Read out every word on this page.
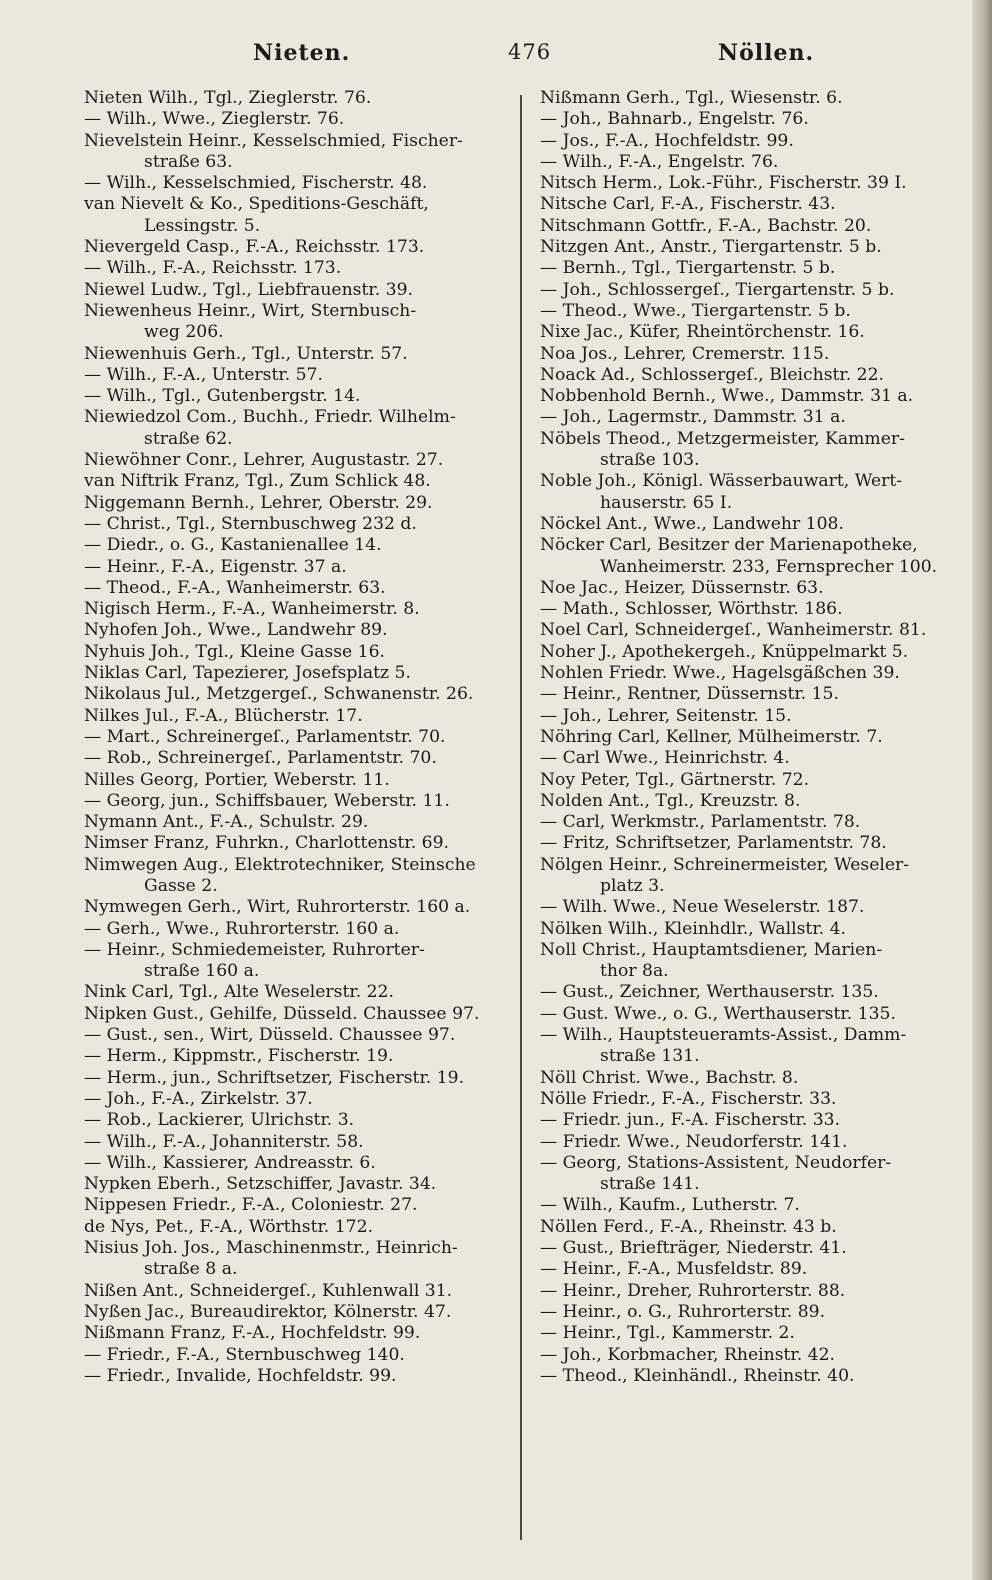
Nieten.	476	Nöllen.
Nieten Wilh., Tgl., Zieglerstr. 76.
— Wilh., Wwe., Zieglerstr. 76.
Nievelstein Heinr., Kesselschmied, Fischer-
straße 63.
— Wilh., Kesselschmied, Fischerstr. 48.
van Nievelt & Ko., Speditions-Geschäft,
Lessingstr. 5.
Nievergeld Casp., F.-A., Reichsstr. 173.
— Wilh., F.-A., Reichsstr. 173.
Niewel Ludw., Tgl., Liebfrauenstr. 39.
Niewenheus Heinr., Wirt, Sternbusch-
weg 206.
Niewenhuis Gerh., Tgl., Unterstr. 57.
— Wilh., F.-A., Unterstr. 57.
— Wilh., Tgl., Gutenbergstr. 14.
Niewiedzol Com., Buchh., Friedr. Wilhelm-
straße 62.
Niewöhner Conr., Lehrer, Augustastr. 27.
van Niftrik Franz, Tgl., Zum Schlick 48.
Niggemann Bernh., Lehrer, Oberstr. 29.
— Christ., Tgl., Sternbuschweg 232 d.
— Diedr., o. G., Kastanienallee 14.
— Heinr., F.-A., Eigenstr. 37 a.
— Theod., F.-A., Wanheimerstr. 63.
Nigisch Herm., F.-A., Wanheimerstr. 8.
Nyhofen Joh., Wwe., Landwehr 89.
Nyhuis Joh., Tgl., Kleine Gasse 16.
Niklas Carl, Tapezierer, Josefsplatz 5.
Nikolaus Jul., Metzgergeſ., Schwanenstr. 26.
Nilkes Jul., F.-A., Blücherstr. 17.
— Mart., Schreinergeſ., Parlamentstr. 70.
— Rob., Schreinergeſ., Parlamentstr. 70.
Nilles Georg, Portier, Weberstr. 11.
— Georg, jun., Schiffsbauer, Weberstr. 11.
Nymann Ant., F.-A., Schulstr. 29.
Nimser Franz, Fuhrkn., Charlottenstr. 69.
Nimwegen Aug., Elektrotechniker, Steinsche
Gasse 2.
Nymwegen Gerh., Wirt, Ruhrorterstr. 160 a.
— Gerh., Wwe., Ruhrorterstr. 160 a.
— Heinr., Schmiedemeister, Ruhrorter-
straße 160 a.
Nink Carl, Tgl., Alte Weselerstr. 22.
Nipken Gust., Gehilfe, Düsseld. Chaussee 97.
— Gust., sen., Wirt, Düsseld. Chaussee 97.
— Herm., Kippmstr., Fischerstr. 19.
— Herm., jun., Schriftsetzer, Fischerstr. 19.
— Joh., F.-A., Zirkelstr. 37.
— Rob., Lackierer, Ulrichstr. 3.
— Wilh., F.-A., Johanniterstr. 58.
— Wilh., Kassierer, Andreasstr. 6.
Nypken Eberh., Setzschiffer, Javastr. 34.
Nippesen Friedr., F.-A., Coloniestr. 27.
de Nys, Pet., F.-A., Wörthstr. 172.
Nisius Joh. Jos., Maschinenmstr., Heinrich-
straße 8 a.
Nißen Ant., Schneidergeſ., Kuhlenwall 31.
Nyßen Jac., Bureaudirektor, Kölnerstr. 47.
Nißmann Franz, F.-A., Hochfeldstr. 99.
— Friedr., F.-A., Sternbuschweg 140.
— Friedr., Invalide, Hochfeldstr. 99.
Nißmann Gerh., Tgl., Wiesenstr. 6.
— Joh., Bahnarb., Engelstr. 76.
— Jos., F.-A., Hochfeldstr. 99.
— Wilh., F.-A., Engelstr. 76.
Nitsch Herm., Lok.-Führ., Fischerstr. 39 I.
Nitsche Carl, F.-A., Fischerstr. 43.
Nitschmann Gottfr., F.-A., Bachstr. 20.
Nitzgen Ant., Anstr., Tiergartenstr. 5 b.
— Bernh., Tgl., Tiergartenstr. 5 b.
— Joh., Schlossergeſ., Tiergartenstr. 5 b.
— Theod., Wwe., Tiergartenstr. 5 b.
Nixe Jac., Küfer, Rheintörchenstr. 16.
Noa Jos., Lehrer, Cremerstr. 115.
Noack Ad., Schlossergeſ., Bleichstr. 22.
Nobbenhold Bernh., Wwe., Dammstr. 31 a.
— Joh., Lagermstr., Dammstr. 31 a.
Nöbels Theod., Metzgermeister, Kammer-
straße 103.
Noble Joh., Königl. Wässerbauwart, Wert-
hauserstr. 65 I.
Nöckel Ant., Wwe., Landwehr 108.
Nöcker Carl, Besitzer der Marienapotheke,
Wanheimerstr. 233, Fernsprecher 100.
Noe Jac., Heizer, Düssernstr. 63.
— Math., Schlosser, Wörthstr. 186.
Noel Carl, Schneidergeſ., Wanheimerstr. 81.
Noher J., Apothekergeh., Knüppelmarkt 5.
Nohlen Friedr. Wwe., Hagelsgäßchen 39.
— Heinr., Rentner, Düssernstr. 15.
— Joh., Lehrer, Seitenstr. 15.
Nöhring Carl, Kellner, Mülheimerstr. 7.
— Carl Wwe., Heinrichstr. 4.
Noy Peter, Tgl., Gärtnerstr. 72.
Nolden Ant., Tgl., Kreuzstr. 8.
— Carl, Werkmstr., Parlamentstr. 78.
— Fritz, Schriftsetzer, Parlamentstr. 78.
Nölgen Heinr., Schreinermeister, Weseler-
platz 3.
— Wilh. Wwe., Neue Weselerstr. 187.
Nölken Wilh., Kleinhdlr., Wallstr. 4.
Noll Christ., Hauptamtsdiener, Marien-
thor 8a.
— Gust., Zeichner, Werthauserstr. 135.
— Gust. Wwe., o. G., Werthauserstr. 135.
— Wilh., Hauptsteueramts-Assist., Damm-
straße 131.
Nöll Christ. Wwe., Bachstr. 8.
Nölle Friedr., F.-A., Fischerstr. 33.
— Friedr. jun., F.-A. Fischerstr. 33.
— Friedr. Wwe., Neudorferstr. 141.
— Georg, Stations-Assistent, Neudorfer-
straße 141.
— Wilh., Kaufm., Lutherstr. 7.
Nöllen Ferd., F.-A., Rheinstr. 43 b.
— Gust., Briefträger, Niederstr. 41.
— Heinr., F.-A., Musfeldstr. 89.
— Heinr., Dreher, Ruhrorterstr. 88.
— Heinr., o. G., Ruhrorterstr. 89.
— Heinr., Tgl., Kammerstr. 2.
— Joh., Korbmacher, Rheinstr. 42.
— Theod., Kleinhändl., Rheinstr. 40.
